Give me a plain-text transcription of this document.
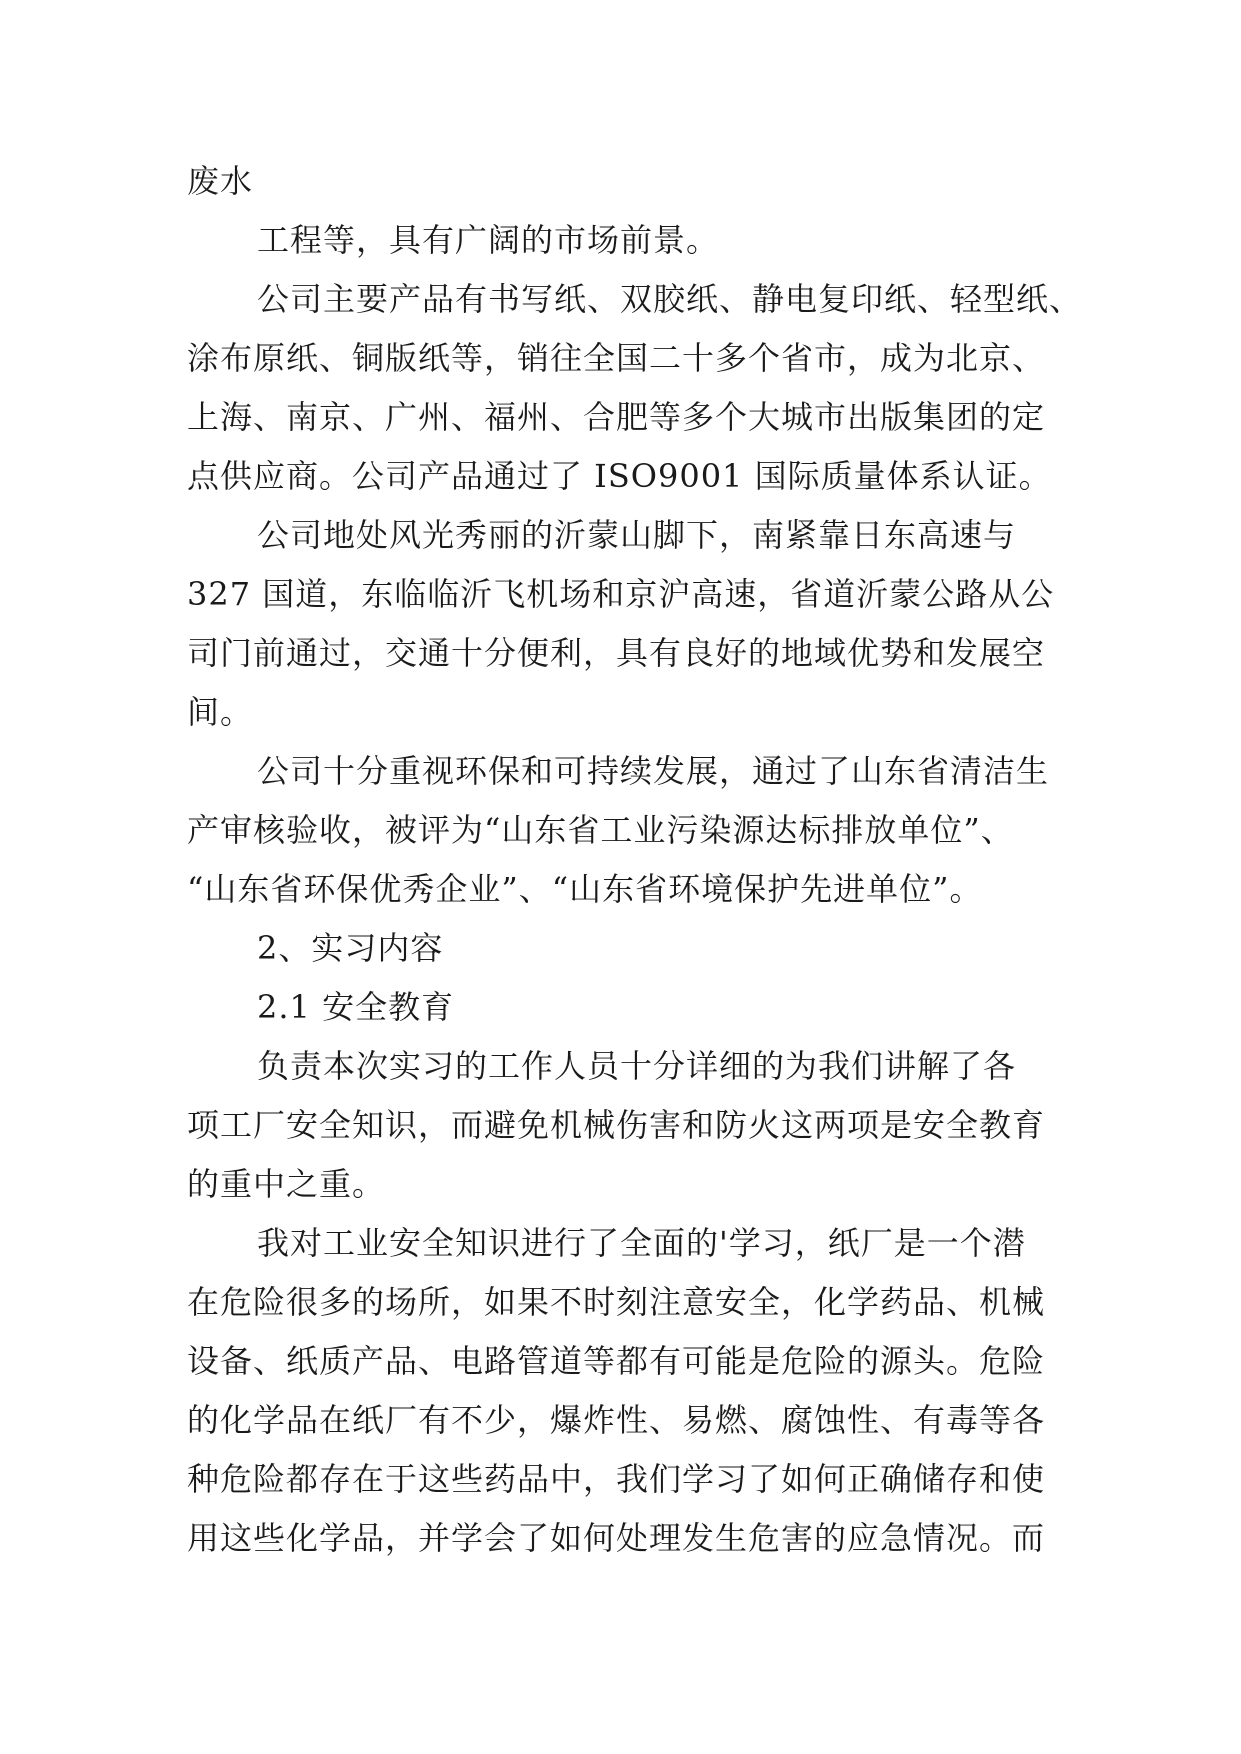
废水
工程等，具有广阔的市场前景。
公司主要产品有书写纸、双胶纸、静电复印纸、轻型纸、
涂布原纸、铜版纸等，销往全国二十多个省市，成为北京、
上海、南京、广州、福州、合肥等多个大城市出版集团的定
点供应商。公司产品通过了 ISO9001 国际质量体系认证。
公司地处风光秀丽的沂蒙山脚下，南紧靠日东高速与
327 国道，东临临沂飞机场和京沪高速，省道沂蒙公路从公
司门前通过，交通十分便利，具有良好的地域优势和发展空
间。
公司十分重视环保和可持续发展，通过了山东省清洁生
产审核验收，被评为“山东省工业污染源达标排放单位”、
“山东省环保优秀企业”、“山东省环境保护先进单位”。
2、实习内容
2.1 安全教育
负责本次实习的工作人员十分详细的为我们讲解了各
项工厂安全知识，而避免机械伤害和防火这两项是安全教育
的重中之重。
我对工业安全知识进行了全面的'学习，纸厂是一个潜
在危险很多的场所，如果不时刻注意安全，化学药品、机械
设备、纸质产品、电路管道等都有可能是危险的源头。危险
的化学品在纸厂有不少，爆炸性、易燃、腐蚀性、有毒等各
种危险都存在于这些药品中，我们学习了如何正确储存和使
用这些化学品，并学会了如何处理发生危害的应急情况。而
